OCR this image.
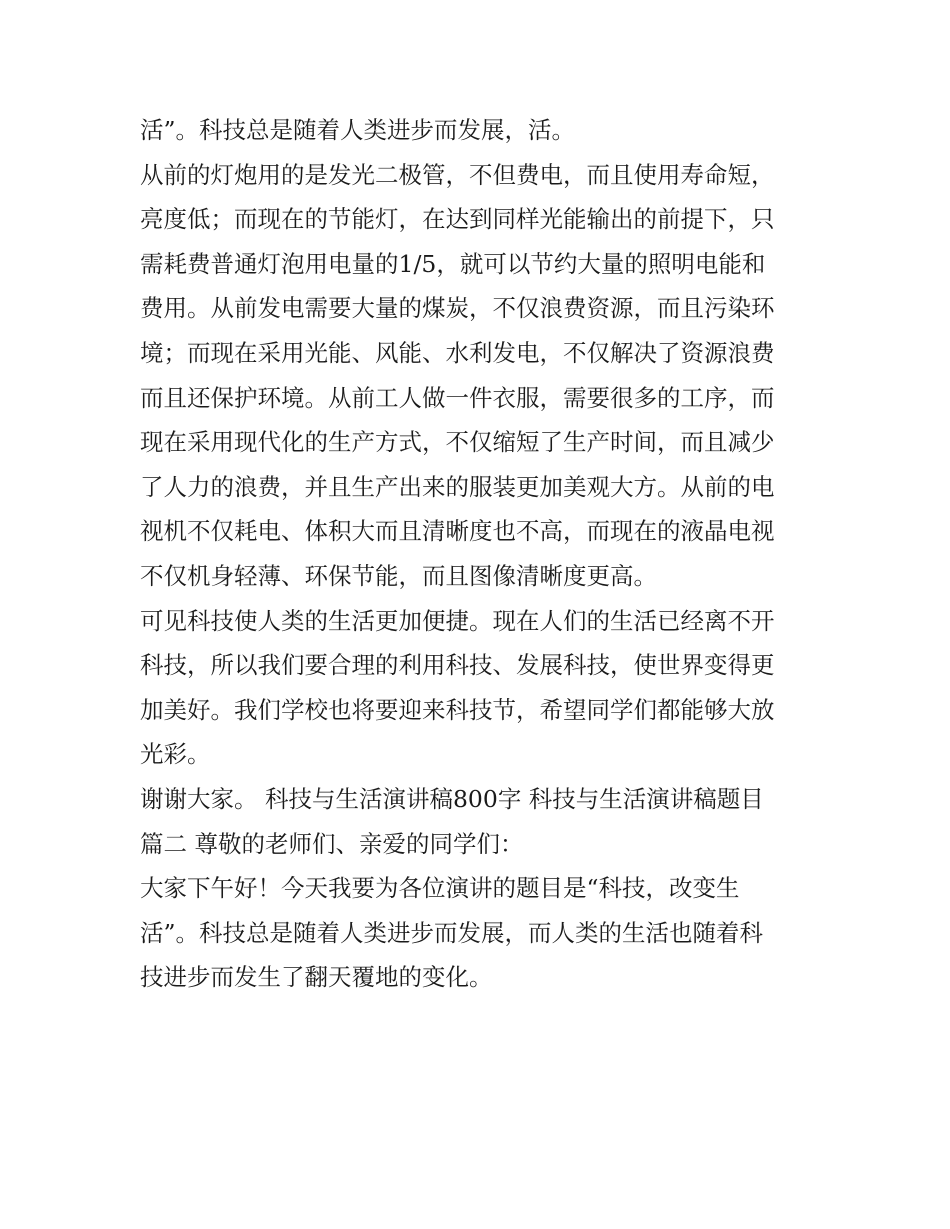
活”。科技总是随着人类进步而发展，活。
从前的灯炮用的是发光二极管，不但费电，而且使用寿命短，
亮度低；而现在的节能灯，在达到同样光能输出的前提下，只
需耗费普通灯泡用电量的1/5，就可以节约大量的照明电能和
费用。从前发电需要大量的煤炭，不仅浪费资源，而且污染环
境；而现在采用光能、风能、水利发电，不仅解决了资源浪费
而且还保护环境。从前工人做一件衣服，需要很多的工序，而
现在采用现代化的生产方式，不仅缩短了生产时间，而且减少
了人力的浪费，并且生产出来的服装更加美观大方。从前的电
视机不仅耗电、体积大而且清晰度也不高，而现在的液晶电视
不仅机身轻薄、环保节能，而且图像清晰度更高。
可见科技使人类的生活更加便捷。现在人们的生活已经离不开
科技，所以我们要合理的利用科技、发展科技，使世界变得更
加美好。我们学校也将要迎来科技节，希望同学们都能够大放
光彩。
谢谢大家。 科技与生活演讲稿800字 科技与生活演讲稿题目
篇二 尊敬的老师们、亲爱的同学们：
大家下午好！今天我要为各位演讲的题目是“科技，改变生
活”。科技总是随着人类进步而发展，而人类的生活也随着科
技进步而发生了翻天覆地的变化。
